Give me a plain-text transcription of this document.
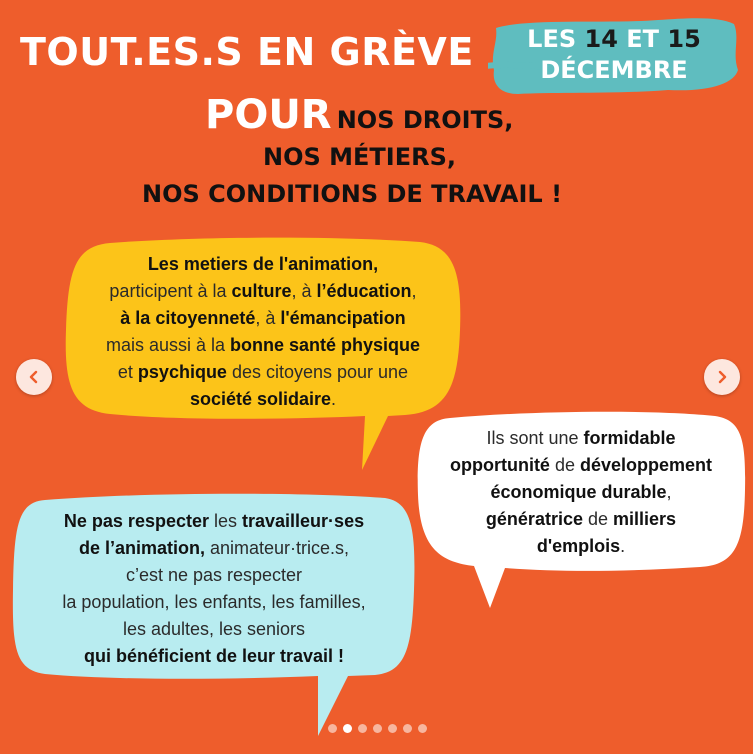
TOUT.ES.S EN GRÈVE	LES 14 ET 15
DÉCEMBRE
POUR NOS DROITS,
NOS MÉTIERS,
NOS CONDITIONS DE TRAVAIL !
Les metiers de l'animation,
participent à la culture, à l’éducation,
à la citoyenneté, à l'émancipation
mais aussi à la bonne santé physique
et psychique des citoyens pour une
société solidaire.
Ils sont une formidable
opportunité de développement
économique durable,
génératrice de milliers
d'emplois.
Ne pas respecter les travailleur·ses
de l’animation, animateur·trice.s,
c’est ne pas respecter
la population, les enfants, les familles,
les adultes, les seniors
qui bénéficient de leur travail !
